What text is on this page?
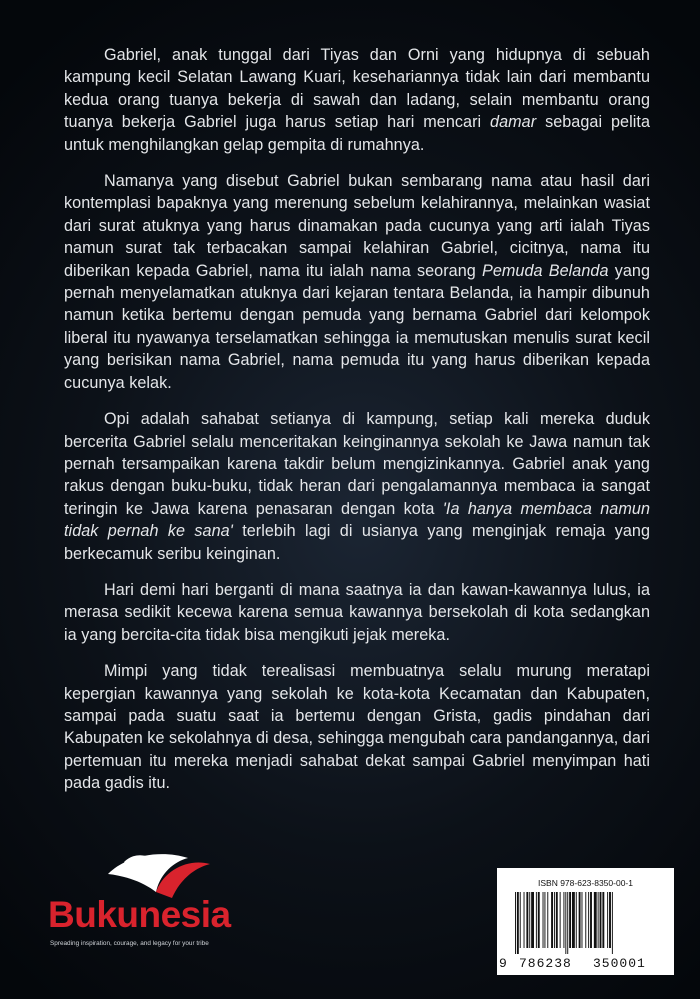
Gabriel, anak tunggal dari Tiyas dan Orni yang hidupnya di sebuah kampung kecil Selatan Lawang Kuari, kesehariannya tidak lain dari membantu kedua orang tuanya bekerja di sawah dan ladang, selain membantu orang tuanya bekerja Gabriel juga harus setiap hari mencari damar sebagai pelita untuk menghilangkan gelap gempita di rumahnya.

Namanya yang disebut Gabriel bukan sembarang nama atau hasil dari kontemplasi bapaknya yang merenung sebelum kelahirannya, melainkan wasiat dari surat atuknya yang harus dinamakan pada cucunya yang arti ialah Tiyas namun surat tak terbacakan sampai kelahiran Gabriel, cicitnya, nama itu diberikan kepada Gabriel, nama itu ialah nama seorang Pemuda Belanda yang pernah menyelamatkan atuknya dari kejaran tentara Belanda, ia hampir dibunuh namun ketika bertemu dengan pemuda yang bernama Gabriel dari kelompok liberal itu nyawanya terselamatkan sehingga ia memutuskan menulis surat kecil yang berisikan nama Gabriel, nama pemuda itu yang harus diberikan kepada cucunya kelak.

Opi adalah sahabat setianya di kampung, setiap kali mereka duduk bercerita Gabriel selalu menceritakan keinginannya sekolah ke Jawa namun tak pernah tersampaikan karena takdir belum mengizinkannya. Gabriel anak yang rakus dengan buku-buku, tidak heran dari pengalamannya membaca ia sangat teringin ke Jawa karena penasaran dengan kota 'Ia hanya membaca namun tidak pernah ke sana' terlebih lagi di usianya yang menginjak remaja yang berkecamuk seribu keinginan.

Hari demi hari berganti di mana saatnya ia dan kawan-kawannya lulus, ia merasa sedikit kecewa karena semua kawannya bersekolah di kota sedangkan ia yang bercita-cita tidak bisa mengikuti jejak mereka.

Mimpi yang tidak terealisasi membuatnya selalu murung meratapi kepergian kawannya yang sekolah ke kota-kota Kecamatan dan Kabupaten, sampai pada suatu saat ia bertemu dengan Grista, gadis pindahan dari Kabupaten ke sekolahnya di desa, sehingga mengubah cara pandangannya, dari pertemuan itu mereka menjadi sahabat dekat sampai Gabriel menyimpan hati pada gadis itu.

Bukunesia
Spreading inspiration, courage, and legacy for your tribe
ISBN 978-623-8350-00-1
9 786238 350001
